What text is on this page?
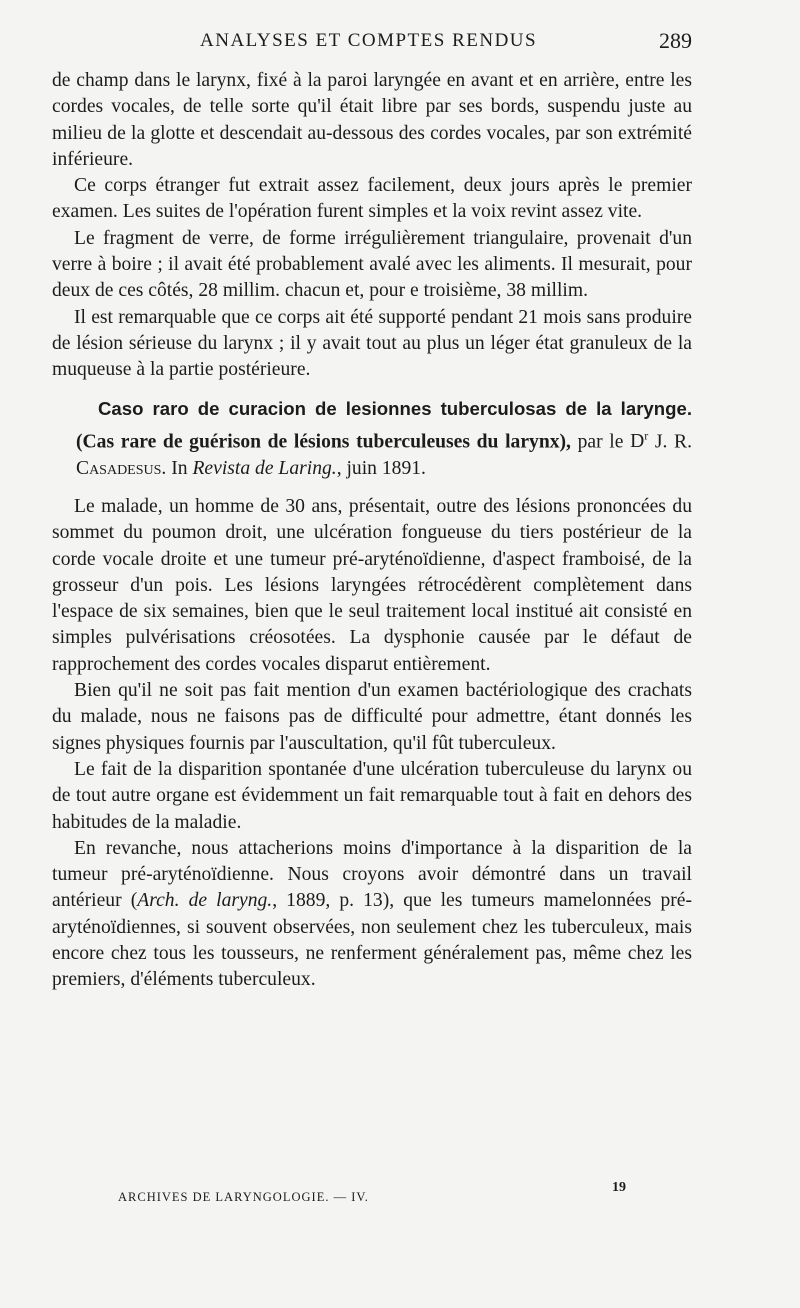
ANALYSES ET COMPTES RENDUS	289

de champ dans le larynx, fixé à la paroi laryngée en avant et en arrière, entre les cordes vocales, de telle sorte qu'il était libre par ses bords, suspendu juste au milieu de la glotte et descendait au-dessous des cordes vocales, par son extrémité inférieure.

Ce corps étranger fut extrait assez facilement, deux jours après le premier examen. Les suites de l'opération furent simples et la voix revint assez vite.

Le fragment de verre, de forme irrégulièrement triangulaire, provenait d'un verre à boire ; il avait été probablement avalé avec les aliments. Il mesurait, pour deux de ces côtés, 28 millim. chacun et, pour e troisième, 38 millim.

Il est remarquable que ce corps ait été supporté pendant 21 mois sans produire de lésion sérieuse du larynx ; il y avait tout au plus un léger état granuleux de la muqueuse à la partie postérieure.

Caso raro de curacion de lesionnes tuberculosas de la larynge. (Cas rare de guérison de lésions tuberculeuses du larynx), par le $D^r$ J. R. Casadesus. In Revista de Laring., juin 1891.

Le malade, un homme de 30 ans, présentait, outre des lésions prononcées du sommet du poumon droit, une ulcération fongueuse du tiers postérieur de la corde vocale droite et une tumeur pré-aryténoïdienne, d'aspect framboisé, de la grosseur d'un pois. Les lésions laryngées rétrocédèrent complètement dans l'espace de six semaines, bien que le seul traitement local institué ait consisté en simples pulvérisations créosotées. La dysphonie causée par le défaut de rapprochement des cordes vocales disparut entièrement.

Bien qu'il ne soit pas fait mention d'un examen bactériologique des crachats du malade, nous ne faisons pas de difficulté pour admettre, étant donnés les signes physiques fournis par l'auscultation, qu'il fût tuberculeux.

Le fait de la disparition spontanée d'une ulcération tuberculeuse du larynx ou de tout autre organe est évidemment un fait remarquable tout à fait en dehors des habitudes de la maladie.

En revanche, nous attacherions moins d'importance à la disparition de la tumeur pré-aryténoïdienne. Nous croyons avoir démontré dans un travail antérieur (Arch. de laryng., 1889, p. 13), que les tumeurs mamelonnées pré-aryténoïdiennes, si souvent observées, non seulement chez les tuberculeux, mais encore chez tous les tousseurs, ne renferment généralement pas, même chez les premiers, d'éléments tuberculeux.

ARCHIVES DE LARYNGOLOGIE. — IV.
19
